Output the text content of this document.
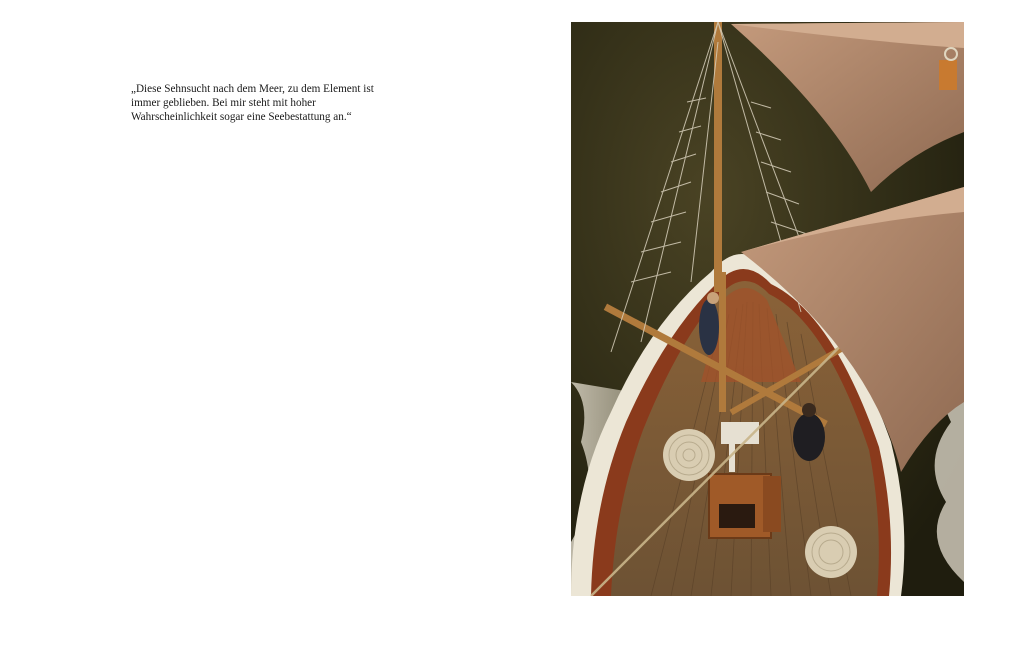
„Diese Sehnsucht nach dem Meer, zu dem Element ist
immer geblieben. Bei mir steht mit hoher
Wahrscheinlichkeit sogar eine Seebestattung an.“
